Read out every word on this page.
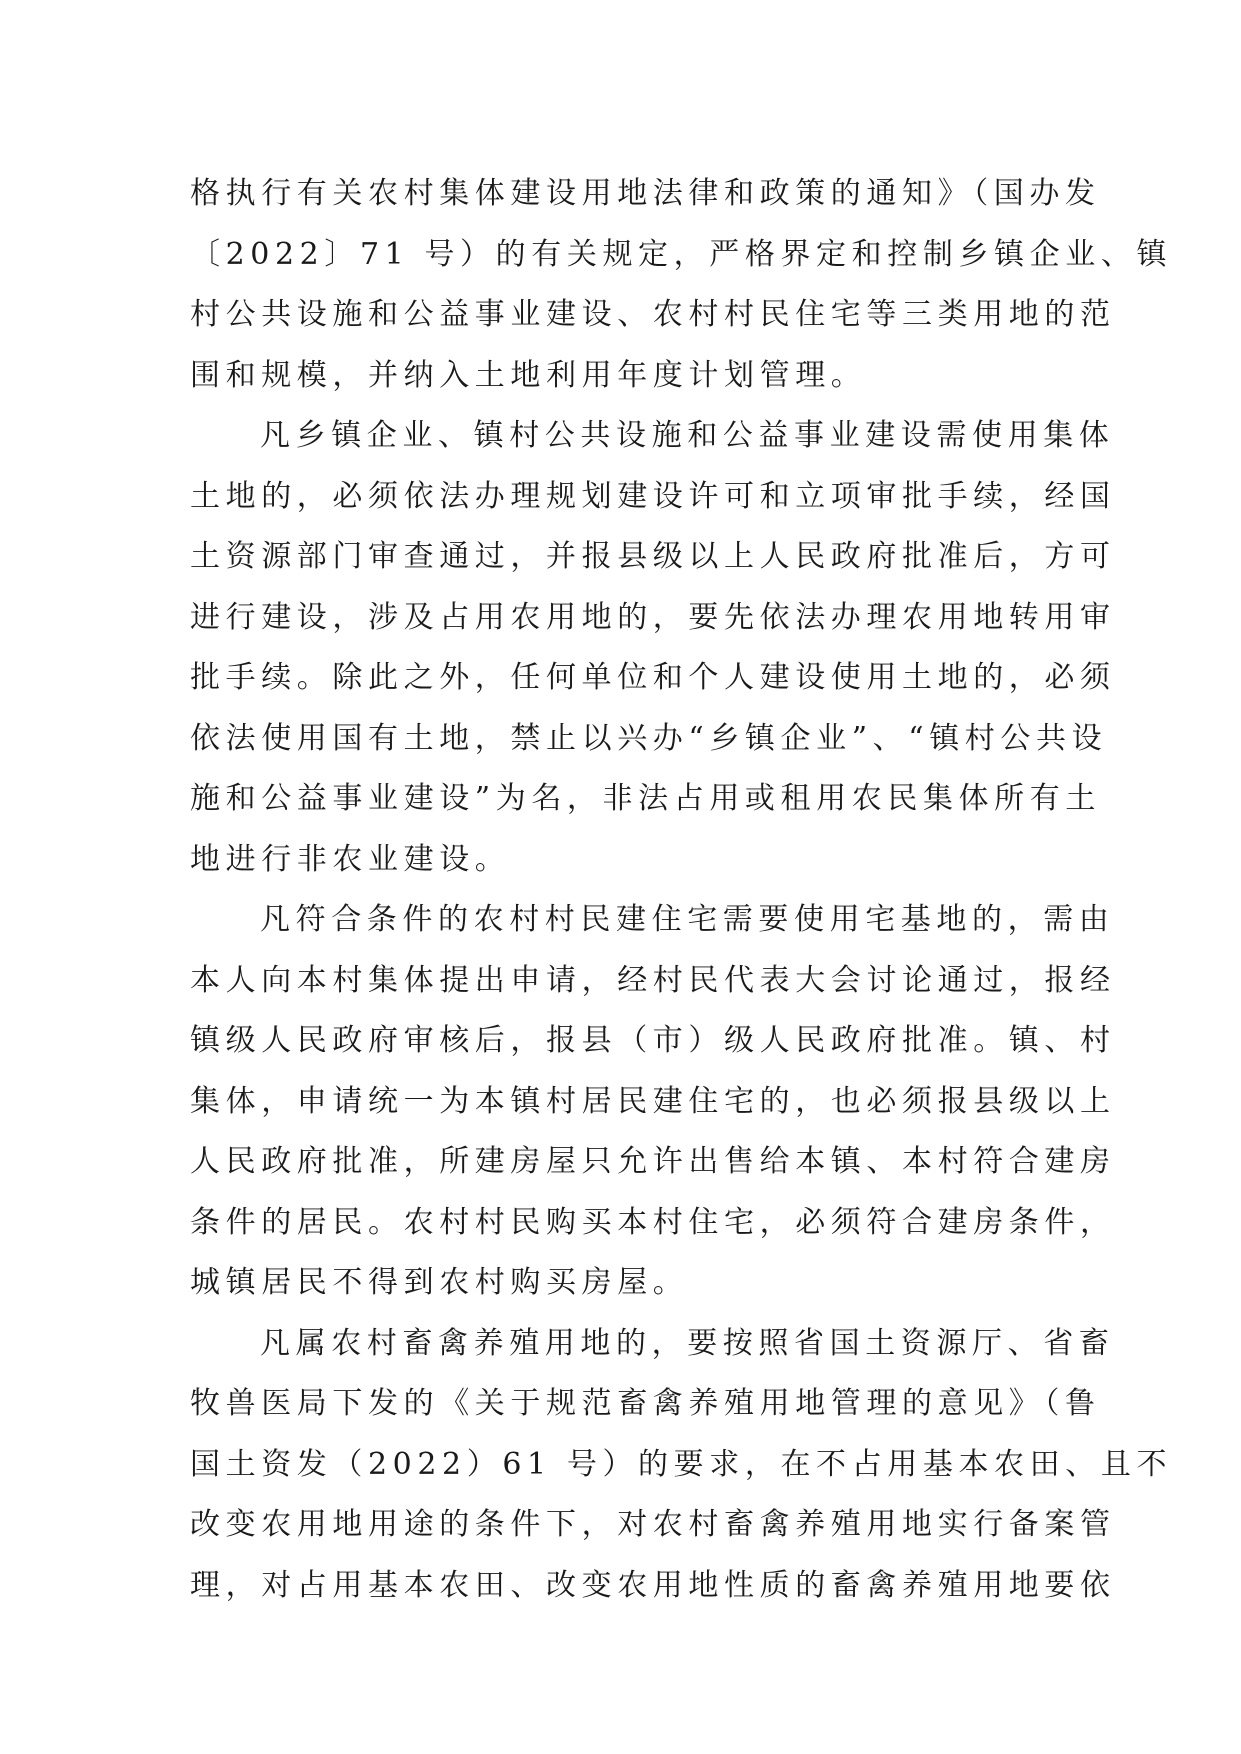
格执行有关农村集体建设用地法律和政策的通知》（国办发
〔2022〕71 号）的有关规定，严格界定和控制乡镇企业、镇
村公共设施和公益事业建设、农村村民住宅等三类用地的范
围和规模，并纳入土地利用年度计划管理。
凡乡镇企业、镇村公共设施和公益事业建设需使用集体
土地的，必须依法办理规划建设许可和立项审批手续，经国
土资源部门审查通过，并报县级以上人民政府批准后，方可
进行建设，涉及占用农用地的，要先依法办理农用地转用审
批手续。除此之外，任何单位和个人建设使用土地的，必须
依法使用国有土地，禁止以兴办“乡镇企业”、“镇村公共设
施和公益事业建设”为名，非法占用或租用农民集体所有土
地进行非农业建设。
凡符合条件的农村村民建住宅需要使用宅基地的，需由
本人向本村集体提出申请，经村民代表大会讨论通过，报经
镇级人民政府审核后，报县（市）级人民政府批准。镇、村
集体，申请统一为本镇村居民建住宅的，也必须报县级以上
人民政府批准，所建房屋只允许出售给本镇、本村符合建房
条件的居民。农村村民购买本村住宅，必须符合建房条件，
城镇居民不得到农村购买房屋。
凡属农村畜禽养殖用地的，要按照省国土资源厅、省畜
牧兽医局下发的《关于规范畜禽养殖用地管理的意见》（鲁
国土资发（2022）61 号）的要求，在不占用基本农田、且不
改变农用地用途的条件下，对农村畜禽养殖用地实行备案管
理，对占用基本农田、改变农用地性质的畜禽养殖用地要依
